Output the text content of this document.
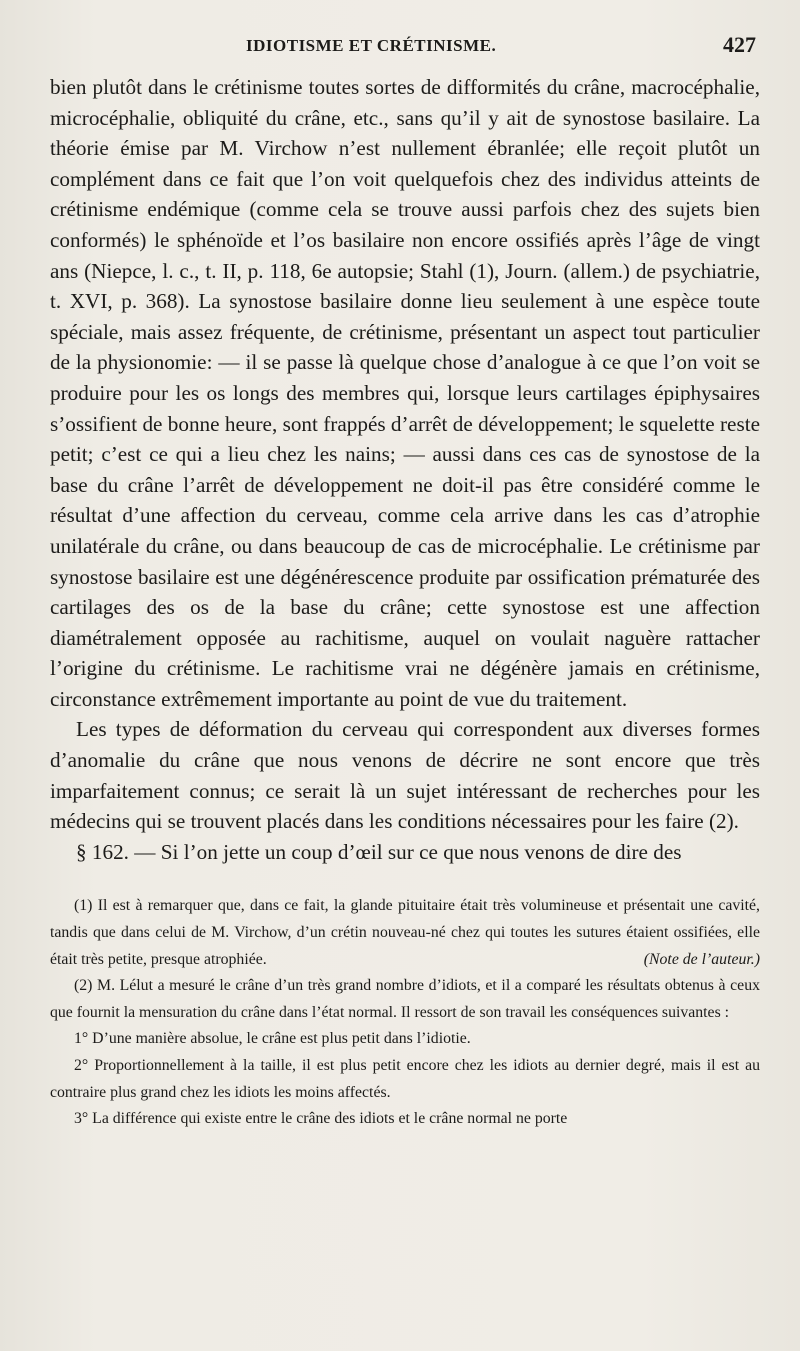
IDIOTISME ET CRÉTINISME.	427

bien plutôt dans le crétinisme toutes sortes de difformités du crâne, macrocéphalie, microcéphalie, obliquité du crâne, etc., sans qu’il y ait de synostose basilaire. La théorie émise par M. Virchow n’est nullement ébranlée; elle reçoit plutôt un complément dans ce fait que l’on voit quelquefois chez des individus atteints de crétinisme endémique (comme cela se trouve aussi parfois chez des sujets bien conformés) le sphénoïde et l’os basilaire non encore ossifiés après l’âge de vingt ans (Niepce, l. c., t. II, p. 118, 6e autopsie; Stahl (1), Journ. (allem.) de psychiatrie, t. XVI, p. 368). La synostose basilaire donne lieu seulement à une espèce toute spéciale, mais assez fréquente, de crétinisme, présentant un aspect tout particulier de la physionomie: — il se passe là quelque chose d’analogue à ce que l’on voit se produire pour les os longs des membres qui, lorsque leurs cartilages épiphysaires s’ossifient de bonne heure, sont frappés d’arrêt de développement; le squelette reste petit; c’est ce qui a lieu chez les nains; — aussi dans ces cas de synostose de la base du crâne l’arrêt de développement ne doit-il pas être considéré comme le résultat d’une affection du cerveau, comme cela arrive dans les cas d’atrophie unilatérale du crâne, ou dans beaucoup de cas de microcéphalie. Le crétinisme par synostose basilaire est une dégénérescence produite par ossification prématurée des cartilages des os de la base du crâne; cette synostose est une affection diamétralement opposée au rachitisme, auquel on voulait naguère rattacher l’origine du crétinisme. Le rachitisme vrai ne dégénère jamais en crétinisme, circonstance extrêmement importante au point de vue du traitement.

Les types de déformation du cerveau qui correspondent aux diverses formes d’anomalie du crâne que nous venons de décrire ne sont encore que très imparfaitement connus; ce serait là un sujet intéressant de recherches pour les médecins qui se trouvent placés dans les conditions nécessaires pour les faire (2).

§ 162. — Si l’on jette un coup d’œil sur ce que nous venons de dire des

(1) Il est à remarquer que, dans ce fait, la glande pituitaire était très volumineuse et présentait une cavité, tandis que dans celui de M. Virchow, d’un crétin nouveau-né chez qui toutes les sutures étaient ossifiées, elle était très petite, presque atrophiée.	(Note de l’auteur.)

(2) M. Lélut a mesuré le crâne d’un très grand nombre d’idiots, et il a comparé les résultats obtenus à ceux que fournit la mensuration du crâne dans l’état normal. Il ressort de son travail les conséquences suivantes :

1° D’une manière absolue, le crâne est plus petit dans l’idiotie.

2° Proportionnellement à la taille, il est plus petit encore chez les idiots au dernier degré, mais il est au contraire plus grand chez les idiots les moins affectés.

3° La différence qui existe entre le crâne des idiots et le crâne normal ne porte
